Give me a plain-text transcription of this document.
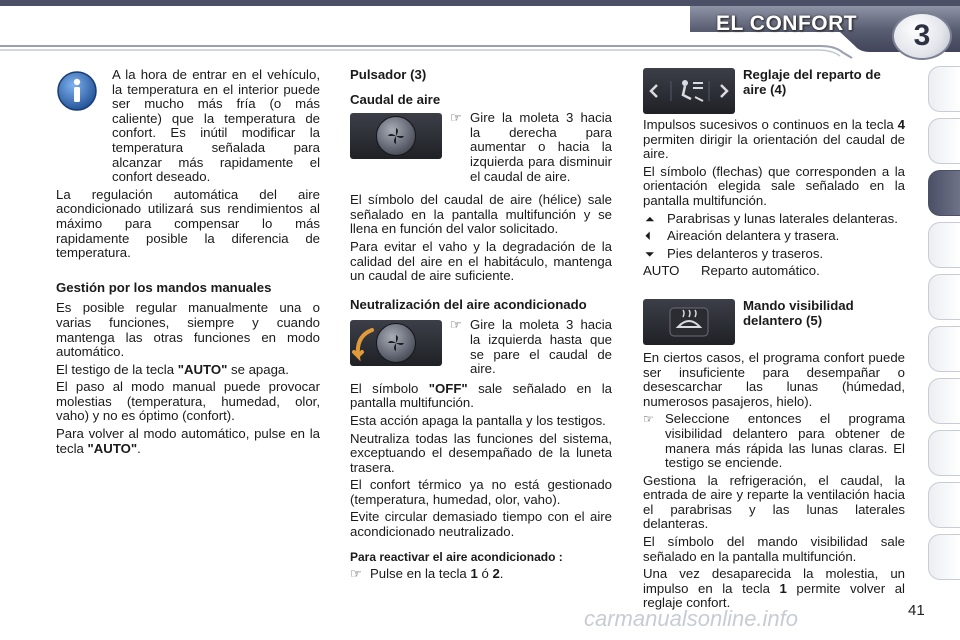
EL CONFORT 3

A la hora de entrar en el vehículo, la temperatura en el interior puede ser mucho más fría (o más caliente) que la temperatura de confort. Es inútil modificar la temperatura señalada para alcanzar más rapidamente el confort deseado.

La regulación automática del aire acondicionado utilizará sus rendimientos al máximo para compensar lo más rapidamente posible la diferencia de temperatura.

Gestión por los mandos manuales

Es posible regular manualmente una o varias funciones, siempre y cuando mantenga las otras funciones en modo automático.

El testigo de la tecla "AUTO" se apaga.

El paso al modo manual puede provocar molestias (temperatura, humedad, olor, vaho) y no es óptimo (confort).

Para volver al modo automático, pulse en la tecla "AUTO".

Pulsador (3)

Caudal de aire

☞ Gire la moleta 3 hacia la derecha para aumentar o hacia la izquierda para disminuir el caudal de aire.

El símbolo del caudal de aire (hélice) sale señalado en la pantalla multifunción y se llena en función del valor solicitado.

Para evitar el vaho y la degradación de la calidad del aire en el habitáculo, mantenga un caudal de aire suficiente.

Neutralización del aire acondicionado

☞ Gire la moleta 3 hacia la izquierda hasta que se pare el caudal de aire.

El símbolo "OFF" sale señalado en la pantalla multifunción.

Esta acción apaga la pantalla y los testigos.

Neutraliza todas las funciones del sistema, exceptuando el desempañado de la luneta trasera.

El confort térmico ya no está gestionado (temperatura, humedad, olor, vaho).

Evite circular demasiado tiempo con el aire acondicionado neutralizado.

Para reactivar el aire acondicionado :

☞ Pulse en la tecla 1 ó 2.

Reglaje del reparto de aire (4)

Impulsos sucesivos o continuos en la tecla 4 permiten dirigir la orientación del caudal de aire.

El símbolo (flechas) que corresponden a la orientación elegida sale señalado en la pantalla multifunción.

⏶ Parabrisas y lunas laterales delanteras.
⏴	Aireación delantera y trasera.
⏷ Pies delanteros y traseros.
AUTO	Reparto automático.

Mando visibilidad delantero (5)

En ciertos casos, el programa confort puede ser insuficiente para desempañar o desescarchar las lunas (húmedad, numerosos pasajeros, hielo).

☞ Seleccione entonces el programa visibilidad delantero para obtener de manera más rápida las lunas claras. El testigo se enciende.

Gestiona la refrigeración, el caudal, la entrada de aire y reparte la ventilación hacia el parabrisas y las lunas laterales delanteras.

El símbolo del mando visibilidad sale señalado en la pantalla multifunción.

Una vez desaparecida la molestia, un impulso en la tecla 1 permite volver al reglaje confort.

carmanualsonline.info	41
